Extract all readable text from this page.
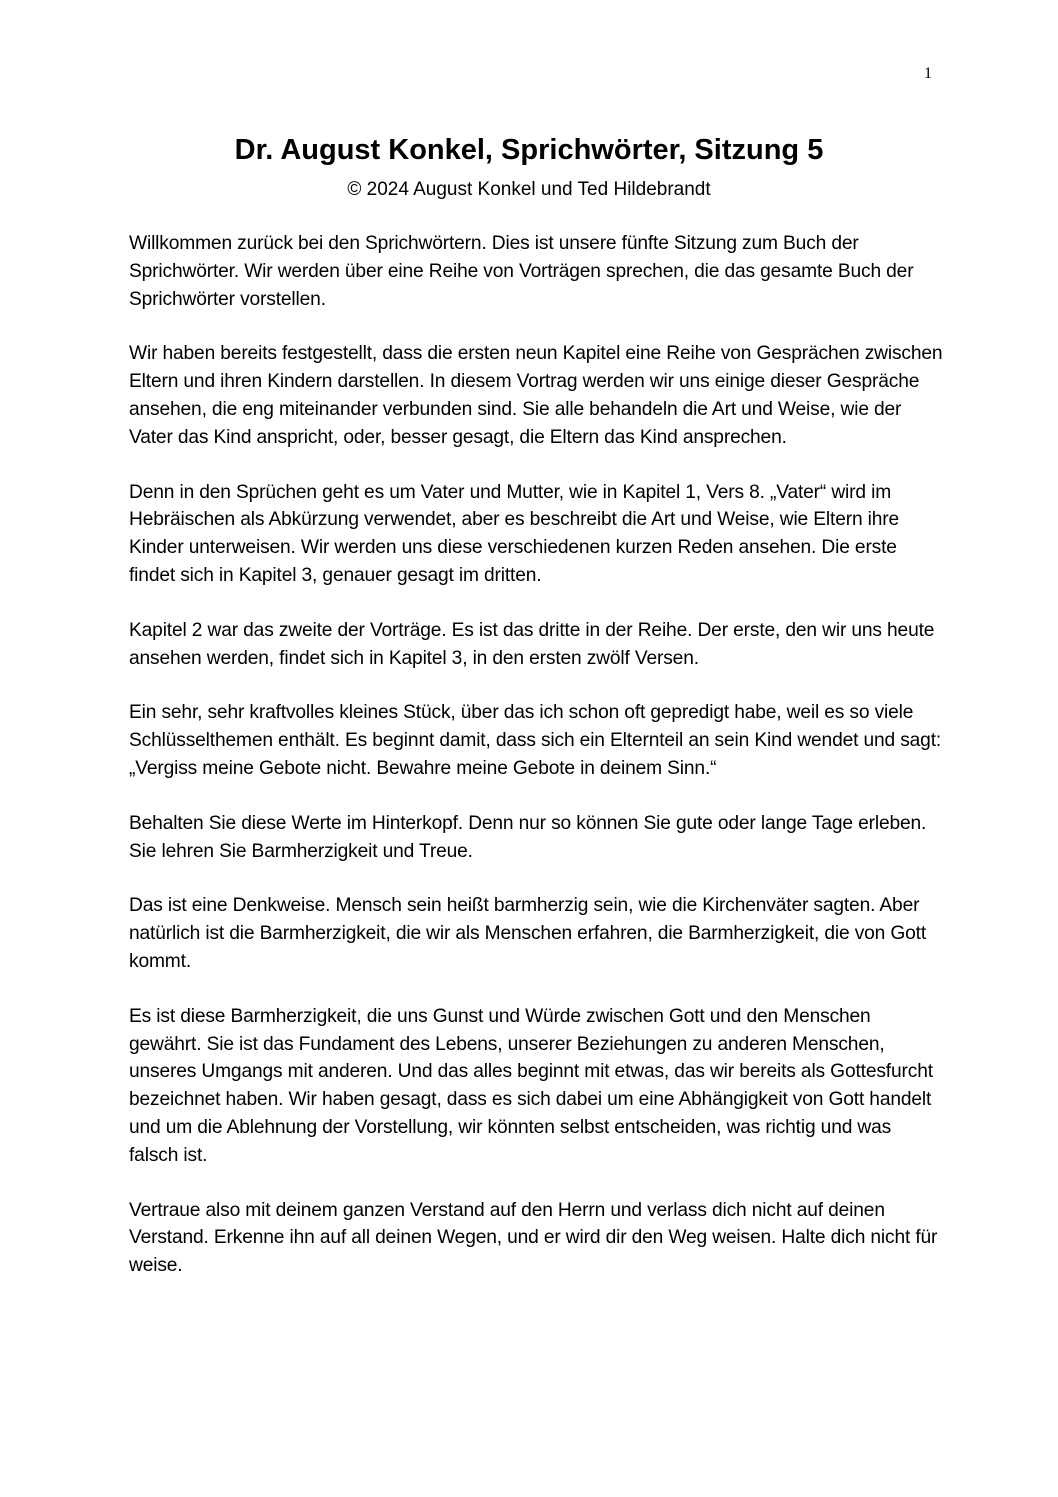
1
Dr. August Konkel, Sprichwörter, Sitzung 5

© 2024 August Konkel und Ted Hildebrandt

Willkommen zurück bei den Sprichwörtern. Dies ist unsere fünfte Sitzung zum Buch der Sprichwörter. Wir werden über eine Reihe von Vorträgen sprechen, die das gesamte Buch der Sprichwörter vorstellen.

Wir haben bereits festgestellt, dass die ersten neun Kapitel eine Reihe von Gesprächen zwischen Eltern und ihren Kindern darstellen. In diesem Vortrag werden wir uns einige dieser Gespräche ansehen, die eng miteinander verbunden sind. Sie alle behandeln die Art und Weise, wie der Vater das Kind anspricht, oder, besser gesagt, die Eltern das Kind ansprechen.

Denn in den Sprüchen geht es um Vater und Mutter, wie in Kapitel 1, Vers 8. „Vater“ wird im Hebräischen als Abkürzung verwendet, aber es beschreibt die Art und Weise, wie Eltern ihre Kinder unterweisen. Wir werden uns diese verschiedenen kurzen Reden ansehen. Die erste findet sich in Kapitel 3, genauer gesagt im dritten.

Kapitel 2 war das zweite der Vorträge. Es ist das dritte in der Reihe. Der erste, den wir uns heute ansehen werden, findet sich in Kapitel 3, in den ersten zwölf Versen.

Ein sehr, sehr kraftvolles kleines Stück, über das ich schon oft gepredigt habe, weil es so viele Schlüsselthemen enthält. Es beginnt damit, dass sich ein Elternteil an sein Kind wendet und sagt: „Vergiss meine Gebote nicht. Bewahre meine Gebote in deinem Sinn.“

Behalten Sie diese Werte im Hinterkopf. Denn nur so können Sie gute oder lange Tage erleben. Sie lehren Sie Barmherzigkeit und Treue.

Das ist eine Denkweise. Mensch sein heißt barmherzig sein, wie die Kirchenväter sagten. Aber natürlich ist die Barmherzigkeit, die wir als Menschen erfahren, die Barmherzigkeit, die von Gott kommt.

Es ist diese Barmherzigkeit, die uns Gunst und Würde zwischen Gott und den Menschen gewährt. Sie ist das Fundament des Lebens, unserer Beziehungen zu anderen Menschen, unseres Umgangs mit anderen. Und das alles beginnt mit etwas, das wir bereits als Gottesfurcht bezeichnet haben. Wir haben gesagt, dass es sich dabei um eine Abhängigkeit von Gott handelt und um die Ablehnung der Vorstellung, wir könnten selbst entscheiden, was richtig und was falsch ist.

Vertraue also mit deinem ganzen Verstand auf den Herrn und verlass dich nicht auf deinen Verstand. Erkenne ihn auf all deinen Wegen, und er wird dir den Weg weisen. Halte dich nicht für weise.
